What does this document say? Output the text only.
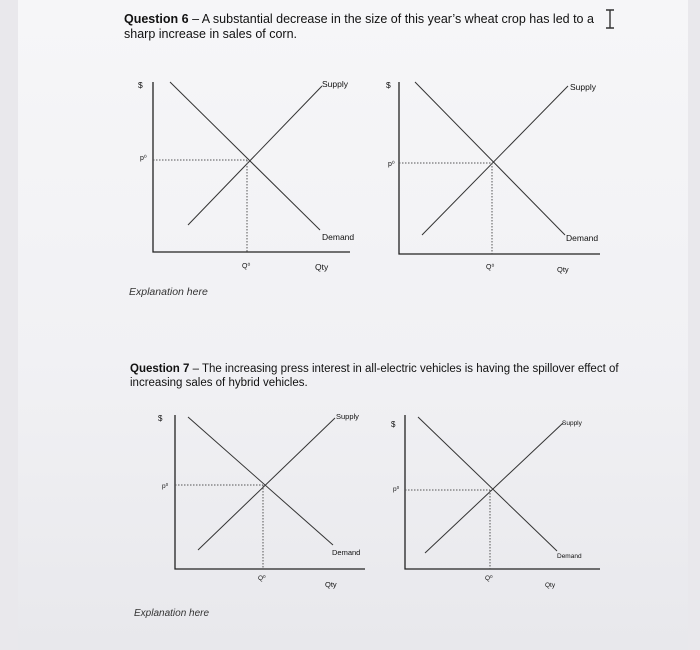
Question 6 – A substantial decrease in the size of this year’s wheat crop has led to a sharp increase in sales of corn.

$
p⁰
Supply
Demand
Q⁰	Qty
$
p⁰
Supply
Demand
Q⁰	Qty
Explanation here

Question 7 – The increasing press interest in all-electric vehicles is having the spillover effect of increasing sales of hybrid vehicles.

$
p⁰
Supply
Demand
Q⁰
Qty
$
p⁰
Supply
Demand
Q⁰
Qty
Explanation here
